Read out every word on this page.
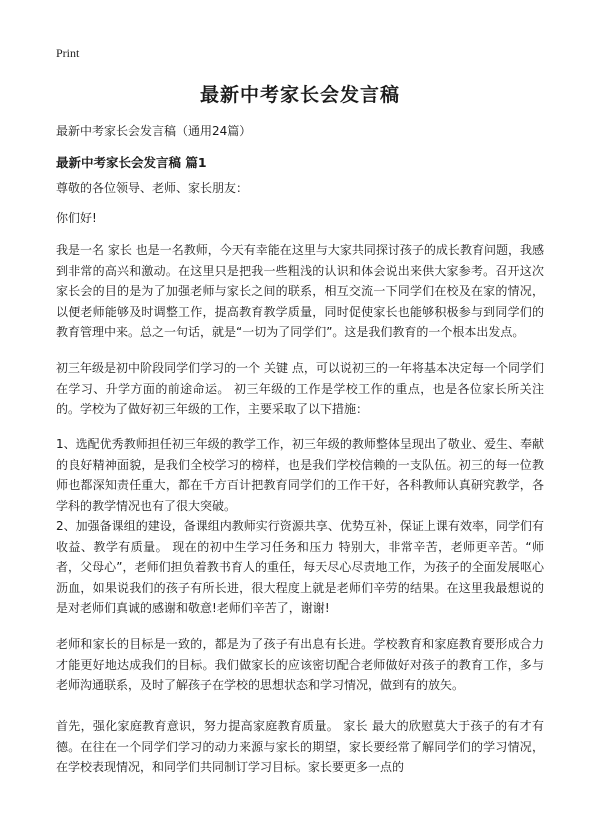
Print
最新中考家长会发言稿

最新中考家长会发言稿（通用24篇）

最新中考家长会发言稿 篇1

尊敬的各位领导、老师、家长朋友：

你们好!

我是一名 家长 也是一名教师，今天有幸能在这里与大家共同探讨孩子的成长教育问题，我感到非常的高兴和激动。在这里只是把我一些粗浅的认识和体会说出来供大家参考。召开这次家长会的目的是为了加强老师与家长之间的联系，相互交流一下同学们在校及在家的情况，以便老师能够及时调整工作，提高教育教学质量，同时促使家长也能够积极参与到同学们的教育管理中来。总之一句话，就是“一切为了同学们”。这是我们教育的一个根本出发点。

初三年级是初中阶段同学们学习的一个 关键 点，可以说初三的一年将基本决定每一个同学们在学习、升学方面的前途命运。 初三年级的工作是学校工作的重点，也是各位家长所关注的。学校为了做好初三年级的工作，主要采取了以下措施：

1、选配优秀教师担任初三年级的教学工作，初三年级的教师整体呈现出了敬业、爱生、奉献的良好精神面貌，是我们全校学习的榜样，也是我们学校信赖的一支队伍。初三的每一位教师也都深知责任重大，都在千方百计把教育同学们的工作干好，各科教师认真研究教学，各学科的教学情况也有了很大突破。

2、加强备课组的建设，备课组内教师实行资源共享、优势互补，保证上课有效率，同学们有收益、教学有质量。 现在的初中生学习任务和压力 特别大，非常辛苦，老师更辛苦。“师者，父母心”，老师们担负着教书育人的重任，每天尽心尽责地工作，为孩子的全面发展呕心沥血，如果说我们的孩子有所长进，很大程度上就是老师们辛劳的结果。在这里我最想说的是对老师们真诚的感谢和敬意!老师们辛苦了，谢谢!

老师和家长的目标是一致的，都是为了孩子有出息有长进。学校教育和家庭教育要形成合力才能更好地达成我们的目标。我们做家长的应该密切配合老师做好对孩子的教育工作，多与老师沟通联系，及时了解孩子在学校的思想状态和学习情况，做到有的放矢。

首先，强化家庭教育意识，努力提高家庭教育质量。 家长 最大的欣慰莫大于孩子的有才有德。在往在一个同学们学习的动力来源与家长的期望，家长要经常了解同学们的学习情况，在学校表现情况，和同学们共同制订学习目标。家长要更多一点的
